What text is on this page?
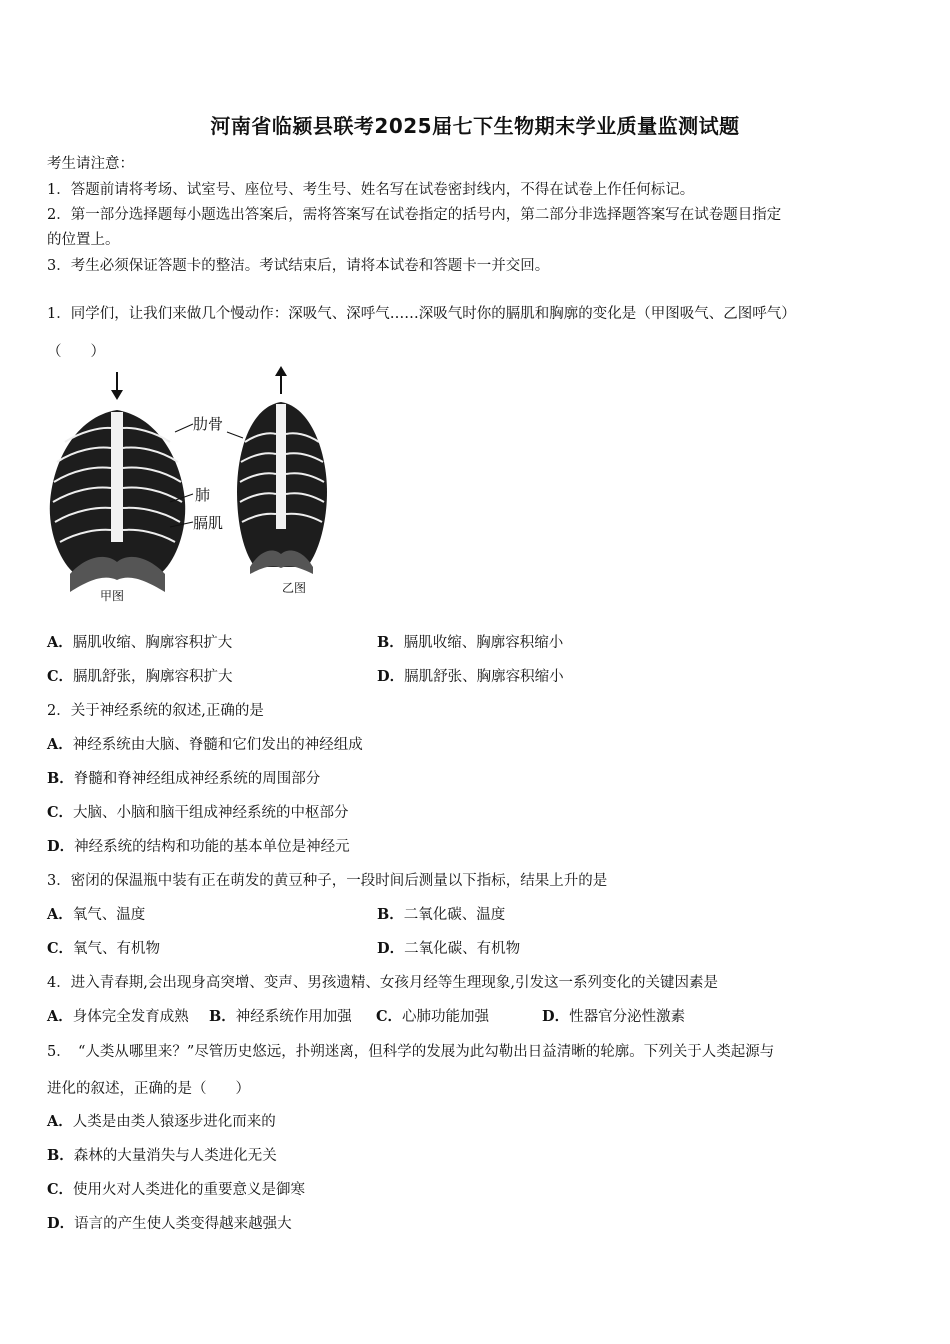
河南省临颍县联考2025届七下生物期末学业质量监测试题
考生请注意：
1．答题前请将考场、试室号、座位号、考生号、姓名写在试卷密封线内，不得在试卷上作任何标记。
2．第一部分选择题每小题选出答案后，需将答案写在试卷指定的括号内，第二部分非选择题答案写在试卷题目指定
的位置上。
3．考生必须保证答题卡的整洁。考试结束后，请将本试卷和答题卡一并交回。
1．同学们，让我们来做几个慢动作：深吸气、深呼气……深吸气时你的膈肌和胸廓的变化是（甲图吸气、乙图呼气）
（　　）
肋骨
肺
膈肌
甲图
乙图
A．膈肌收缩、胸廓容积扩大	B．膈肌收缩、胸廓容积缩小
C．膈肌舒张，胸廓容积扩大	D．膈肌舒张、胸廓容积缩小
2．关于神经系统的叙述,正确的是
A．神经系统由大脑、脊髓和它们发出的神经组成
B．脊髓和脊神经组成神经系统的周围部分
C．大脑、小脑和脑干组成神经系统的中枢部分
D．神经系统的结构和功能的基本单位是神经元
3．密闭的保温瓶中装有正在萌发的黄豆种子，一段时间后测量以下指标，结果上升的是
A．氧气、温度	B．二氧化碳、温度
C．氧气、有机物	D．二氧化碳、有机物
4．进入青春期,会出现身高突增、变声、男孩遗精、女孩月经等生理现象,引发这一系列变化的关键因素是
A．身体完全发育成熟 B．神经系统作用加强 C．心肺功能加强	D．性器官分泌性激素
5．　“人类从哪里来？”尽管历史悠远，扑朔迷离，但科学的发展为此勾勒出日益清晰的轮廓。下列关于人类起源与
进化的叙述，正确的是（　　）
A．人类是由类人猿逐步进化而来的
B．森林的大量消失与人类进化无关
C．使用火对人类进化的重要意义是御寒
D．语言的产生使人类变得越来越强大
